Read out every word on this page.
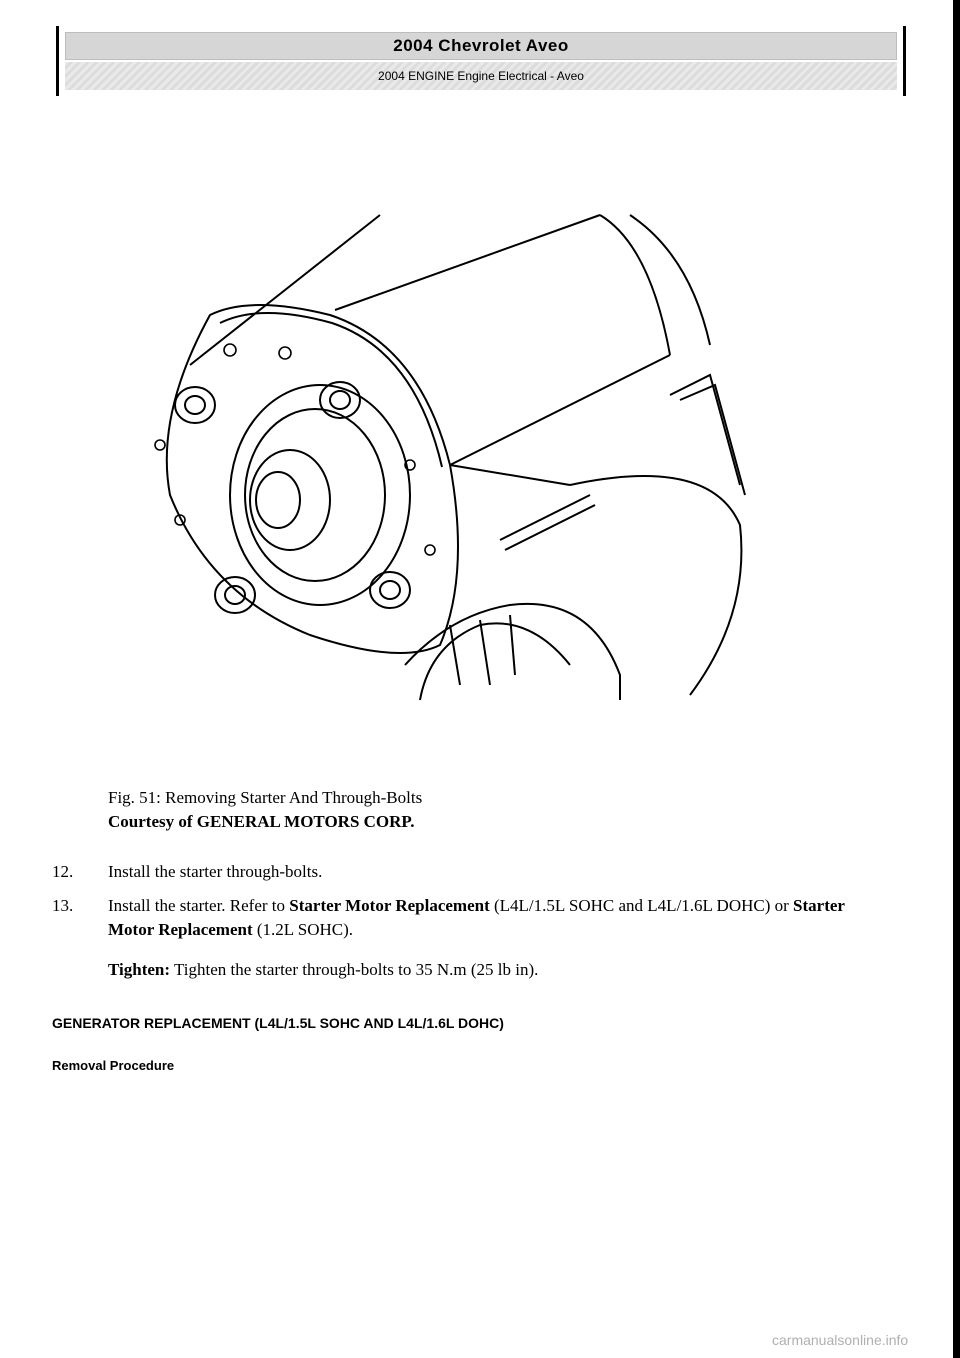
2004 Chevrolet Aveo
2004 ENGINE Engine Electrical - Aveo
Fig. 51: Removing Starter And Through-Bolts
Courtesy of GENERAL MOTORS CORP.
12.	Install the starter through-bolts.
13.	Install the starter. Refer to Starter Motor Replacement (L4L/1.5L SOHC and L4L/1.6L DOHC) or Starter Motor Replacement (1.2L SOHC).
Tighten: Tighten the starter through-bolts to 35 N.m (25 lb in).
GENERATOR REPLACEMENT (L4L/1.5L SOHC AND L4L/1.6L DOHC)
Removal Procedure
carmanualsonline.info
